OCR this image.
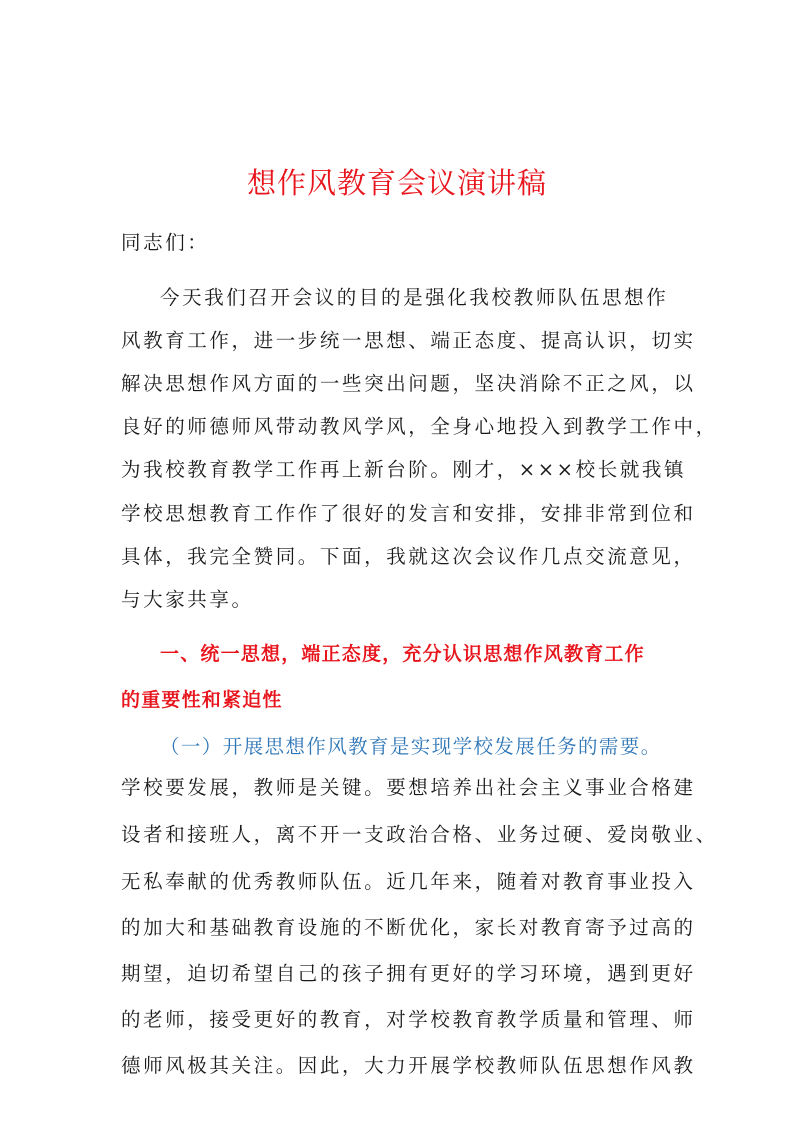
想作风教育会议演讲稿

同志们：

今天我们召开会议的目的是强化我校教师队伍思想作

风教育工作，进一步统一思想、端正态度、提高认识，切实

解决思想作风方面的一些突出问题，坚决消除不正之风，以

良好的师德师风带动教风学风，全身心地投入到教学工作中，

为我校教育教学工作再上新台阶。刚才，×××校长就我镇

学校思想教育工作作了很好的发言和安排，安排非常到位和

具体，我完全赞同。下面，我就这次会议作几点交流意见，

与大家共享。

一、统一思想，端正态度，充分认识思想作风教育工作

的重要性和紧迫性

（一）开展思想作风教育是实现学校发展任务的需要。

学校要发展，教师是关键。要想培养出社会主义事业合格建

设者和接班人，离不开一支政治合格、业务过硬、爱岗敬业、

无私奉献的优秀教师队伍。近几年来，随着对教育事业投入

的加大和基础教育设施的不断优化，家长对教育寄予过高的

期望，迫切希望自己的孩子拥有更好的学习环境，遇到更好

的老师，接受更好的教育，对学校教育教学质量和管理、师

德师风极其关注。因此，大力开展学校教师队伍思想作风教
